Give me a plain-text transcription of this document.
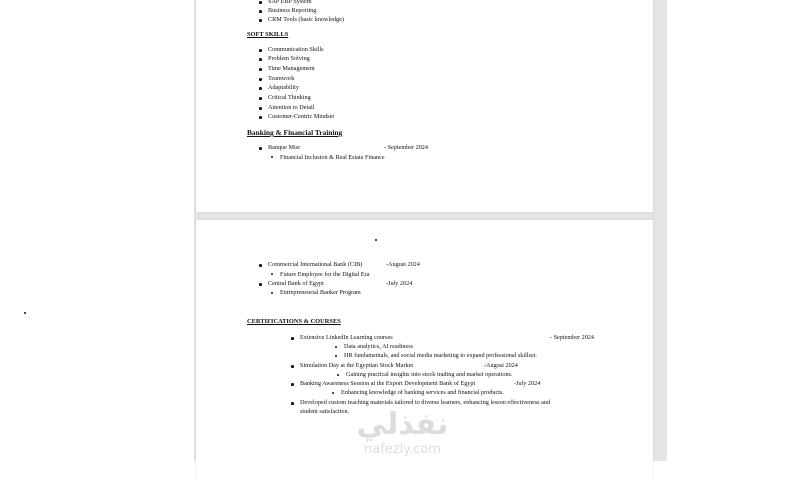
SAP ERP System
Business Reporting
CRM Tools (basic knowledge)
SOFT SKILLS
Communication Skills
Problem Solving
Time Management
Teamwork
Adaptability
Critical Thinking
Attention to Detail
Customer-Centric Mindset
Banking & Financial Training
Banque Misr	- September 2024
Financial Inclusion & Real Estate Finance
Commercial International Bank (CIB)	-August 2024
Future Employee for the Digital Era
Central Bank of Egypt	-July 2024
Entrepreneurial Banker Program
CERTIFICATIONS & COURSES
Extensive LinkedIn Learning courses	- September 2024
Data analytics, AI readiness
HR fundamentals, and social media marketing to expand professional skillset.
Simulation Day at the Egyptian Stock Market	-August 2024
Gaining practical insights into stock trading and market operations.
Banking Awareness Session at the Export Development Bank of Egypt	-July 2024
Enhancing knowledge of banking services and financial products.
Developed custom teaching materials tailored to diverse learners, enhancing lesson effectiveness and
student satisfaction. نفذلي
nafezly.com
